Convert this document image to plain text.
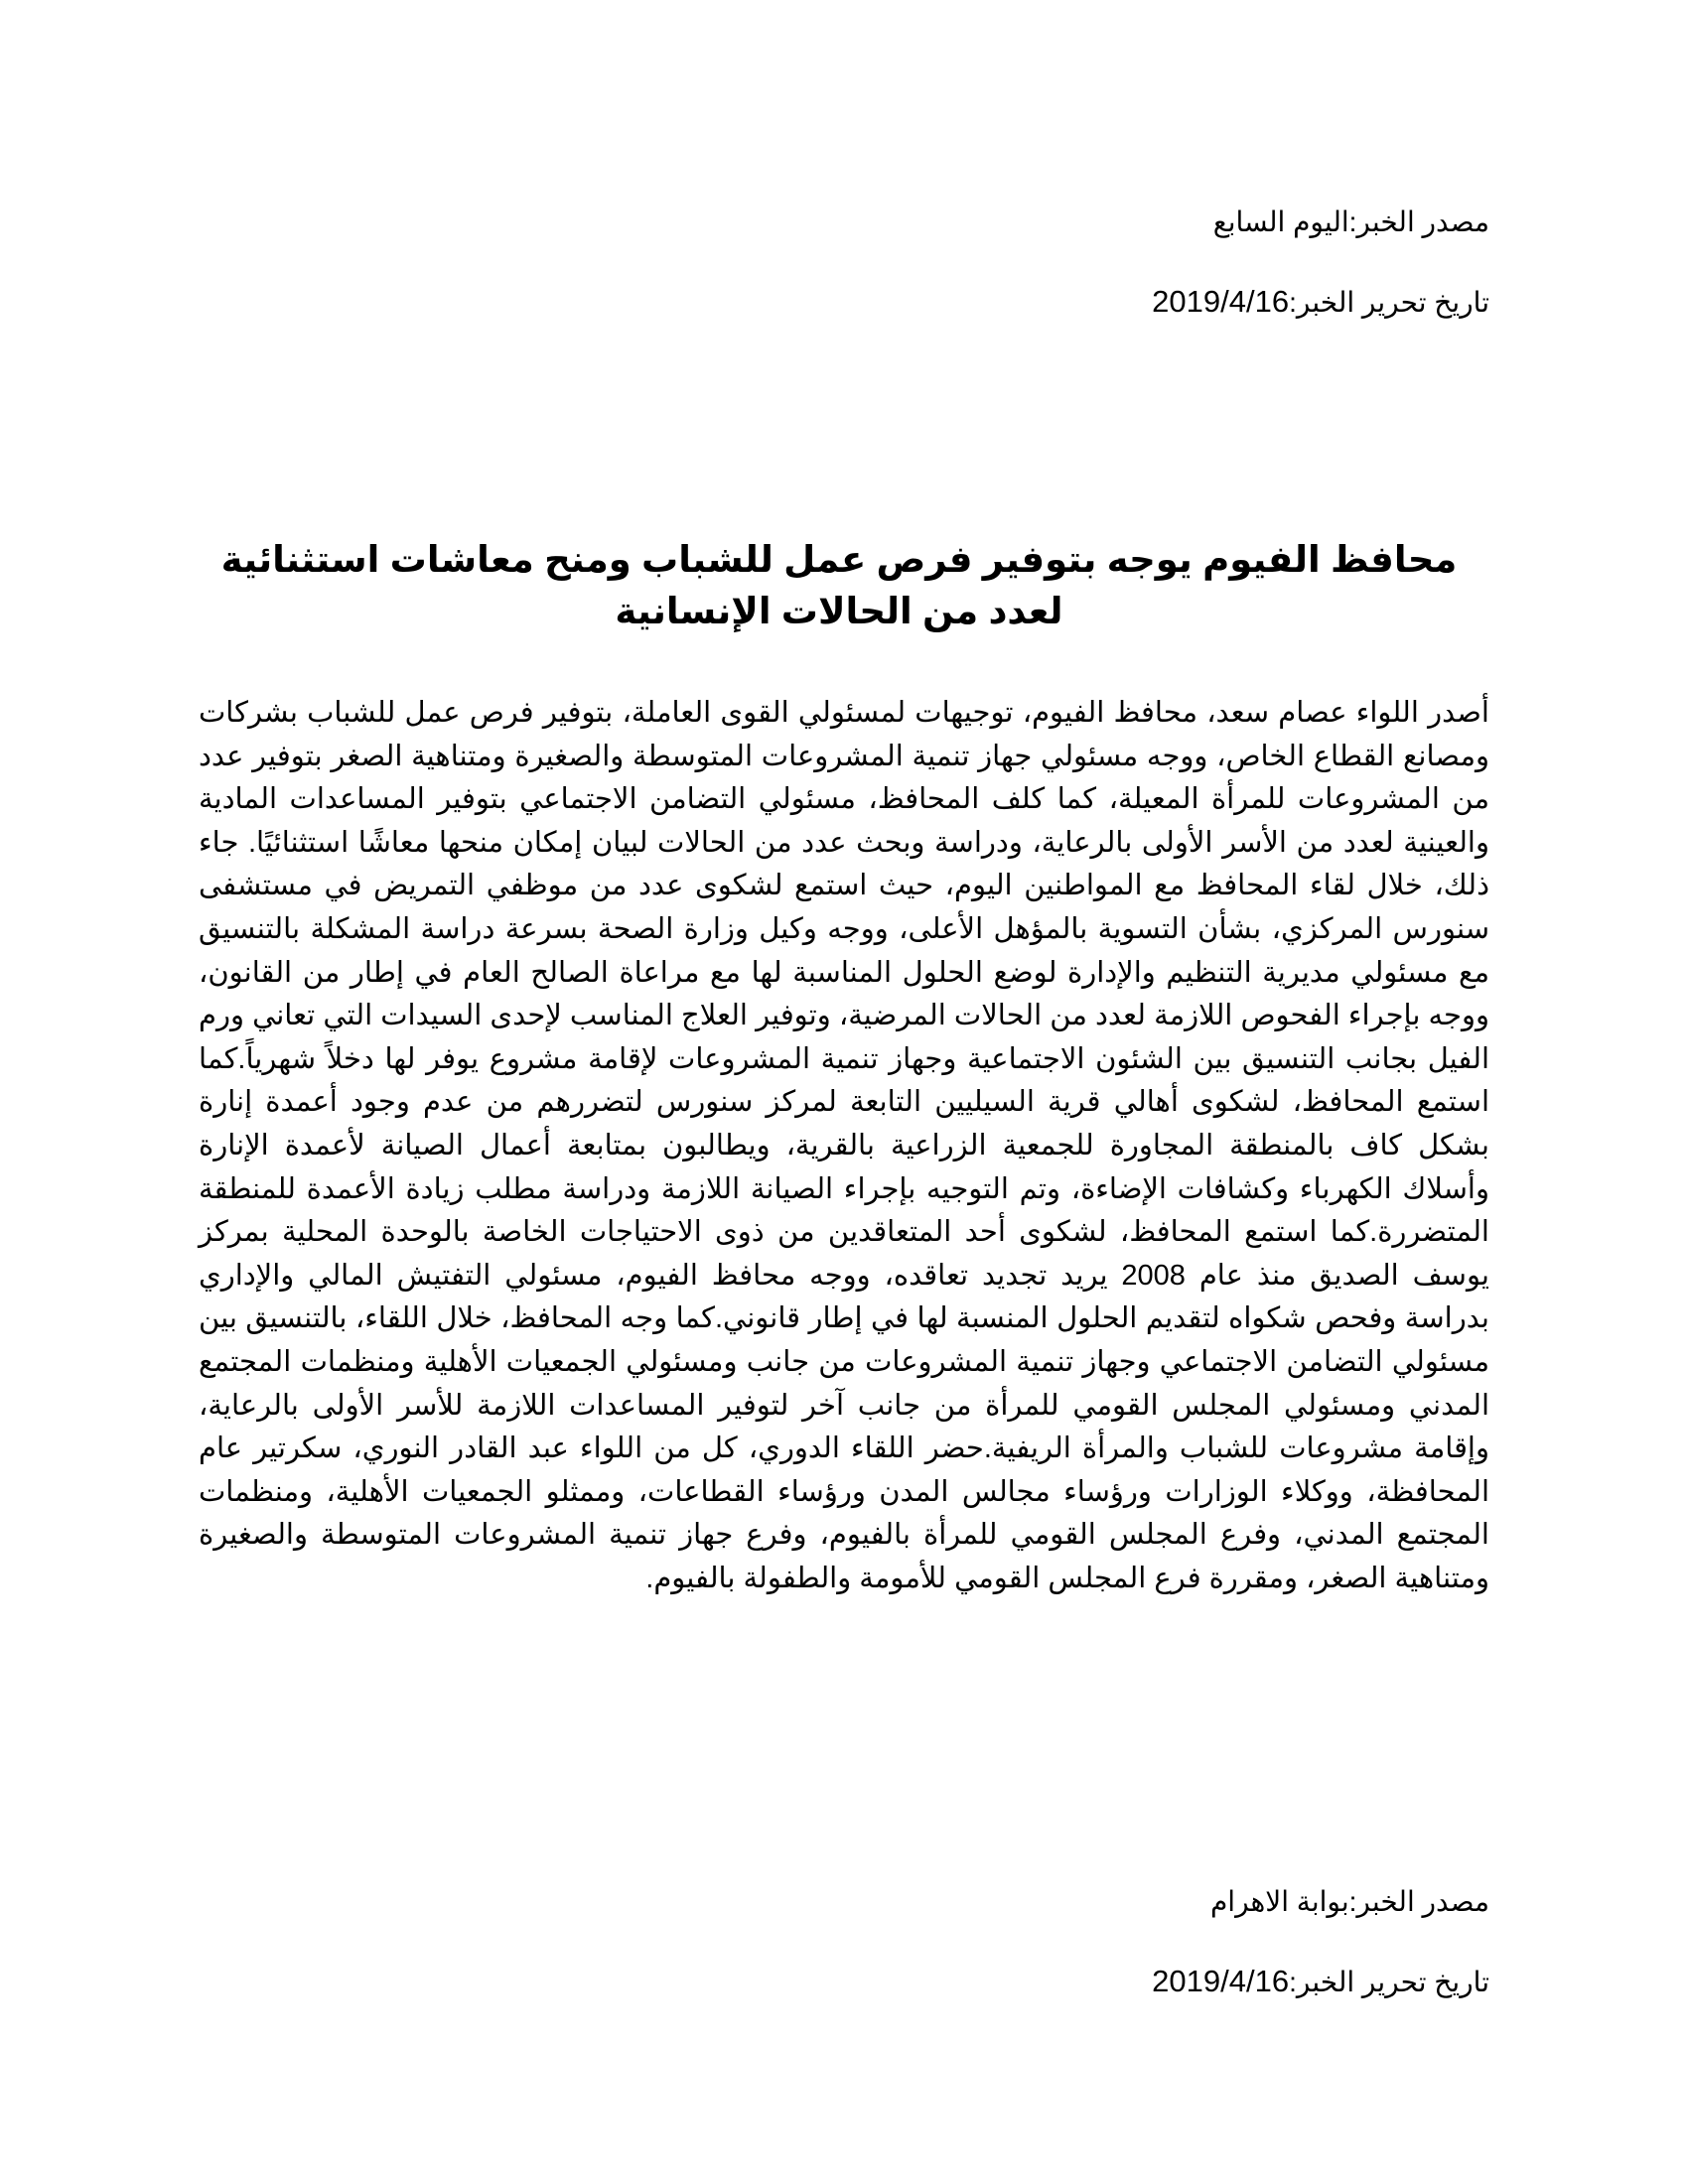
مصدر الخبر:اليوم السابع
تاريخ تحرير الخبر:2019/4/16
محافظ الفيوم يوجه بتوفير فرص عمل للشباب ومنح معاشات استثنائية لعدد من الحالات الإنسانية

أصدر اللواء عصام سعد، محافظ الفيوم، توجيهات لمسئولي القوى العاملة، بتوفير فرص عمل للشباب بشركات ومصانع القطاع الخاص، ووجه مسئولي جهاز تنمية المشروعات المتوسطة والصغيرة ومتناهية الصغر بتوفير عدد من المشروعات للمرأة المعيلة، كما كلف المحافظ، مسئولي التضامن الاجتماعي بتوفير المساعدات المادية والعينية لعدد من الأسر الأولى بالرعاية، ودراسة وبحث عدد من الحالات لبيان إمكان منحها معاشًا استثنائيًا. جاء ذلك، خلال لقاء المحافظ مع المواطنين اليوم، حيث استمع لشكوى عدد من موظفي التمريض في مستشفى سنورس المركزي، بشأن التسوية بالمؤهل الأعلى، ووجه وكيل وزارة الصحة بسرعة دراسة المشكلة بالتنسيق مع مسئولي مديرية التنظيم والإدارة لوضع الحلول المناسبة لها مع مراعاة الصالح العام في إطار من القانون، ووجه بإجراء الفحوص اللازمة لعدد من الحالات المرضية، وتوفير العلاج المناسب لإحدى السيدات التي تعاني ورم الفيل بجانب التنسيق بين الشئون الاجتماعية وجهاز تنمية المشروعات لإقامة مشروع يوفر لها دخلاً شهرياً.كما استمع المحافظ، لشكوى أهالي قرية السيليين التابعة لمركز سنورس لتضررهم من عدم وجود أعمدة إنارة بشكل كاف بالمنطقة المجاورة للجمعية الزراعية بالقرية، ويطالبون بمتابعة أعمال الصيانة لأعمدة الإنارة وأسلاك الكهرباء وكشافات الإضاءة، وتم التوجيه بإجراء الصيانة اللازمة ودراسة مطلب زيادة الأعمدة للمنطقة المتضررة.كما استمع المحافظ، لشكوى أحد المتعاقدين من ذوى الاحتياجات الخاصة بالوحدة المحلية بمركز يوسف الصديق منذ عام 2008 يريد تجديد تعاقده، ووجه محافظ الفيوم، مسئولي التفتيش المالي والإداري بدراسة وفحص شكواه لتقديم الحلول المنسبة لها في إطار قانوني.كما وجه المحافظ، خلال اللقاء، بالتنسيق بين مسئولي التضامن الاجتماعي وجهاز تنمية المشروعات من جانب ومسئولي الجمعيات الأهلية ومنظمات المجتمع المدني ومسئولي المجلس القومي للمرأة من جانب آخر لتوفير المساعدات اللازمة للأسر الأولى بالرعاية، وإقامة مشروعات للشباب والمرأة الريفية.حضر اللقاء الدوري، كل من اللواء عبد القادر النوري، سكرتير عام المحافظة، ووكلاء الوزارات ورؤساء مجالس المدن ورؤساء القطاعات، وممثلو الجمعيات الأهلية، ومنظمات المجتمع المدني، وفرع المجلس القومي للمرأة بالفيوم، وفرع جهاز تنمية المشروعات المتوسطة والصغيرة ومتناهية الصغر، ومقررة فرع المجلس القومي للأمومة والطفولة بالفيوم.

مصدر الخبر:بوابة الاهرام
تاريخ تحرير الخبر:2019/4/16
